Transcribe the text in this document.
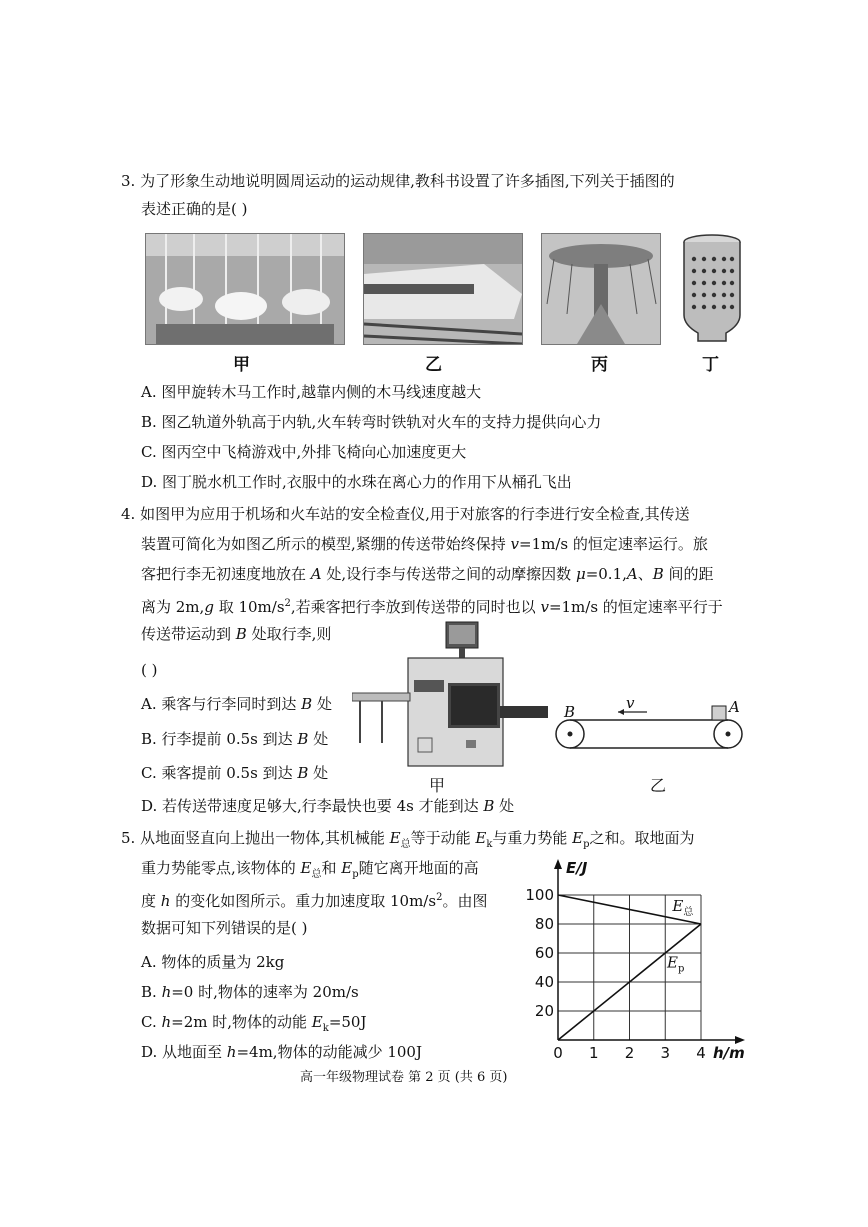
3. 为了形象生动地说明圆周运动的运动规律,教科书设置了许多插图,下列关于插图的
表述正确的是( )
甲	乙	丙	丁
A. 图甲旋转木马工作时,越靠内侧的木马线速度越大
B. 图乙轨道外轨高于内轨,火车转弯时铁轨对火车的支持力提供向心力
C. 图丙空中飞椅游戏中,外排飞椅向心加速度更大
D. 图丁脱水机工作时,衣服中的水珠在离心力的作用下从桶孔飞出
4. 如图甲为应用于机场和火车站的安全检查仪,用于对旅客的行李进行安全检查,其传送
装置可简化为如图乙所示的模型,紧绷的传送带始终保持 v=1m/s 的恒定速率运行。旅
客把行李无初速度地放在 A 处,设行李与传送带之间的动摩擦因数 μ=0.1,A、B 间的距
离为 2m,g 取 $10m/s^2$,若乘客把行李放到传送带的同时也以 v=1m/s 的恒定速率平行于
传送带运动到 B 处取行李,则
( )
A. 乘客与行李同时到达 B 处
B. 行李提前 0.5s 到达 B 处
C. 乘客提前 0.5s 到达 B 处
D. 若传送带速度足够大,行李最快也要 4s 才能到达 B 处
甲
B	A
v
乙
5. 从地面竖直向上抛出一物体,其机械能 $E_总$等于动能 $E_k$与重力势能 $E_p$之和。取地面为
重力势能零点,该物体的 $E_总$和 $E_p$随它离开地面的高
度 h 的变化如图所示。重力加速度取 $10m/s^2$。由图
数据可知下列错误的是( )
A. 物体的质量为 2kg
B. h=0 时,物体的速率为 20m/s
C. h=2m 时,物体的动能 $E_k=50J$
D. 从地面至 h=4m,物体的动能减少 100J
20
40
60
80
100
0 1 2 3 4
E/J
h/m
$E_总$
$E_p$
高一年级物理试卷 第 2 页 (共 6 页)
